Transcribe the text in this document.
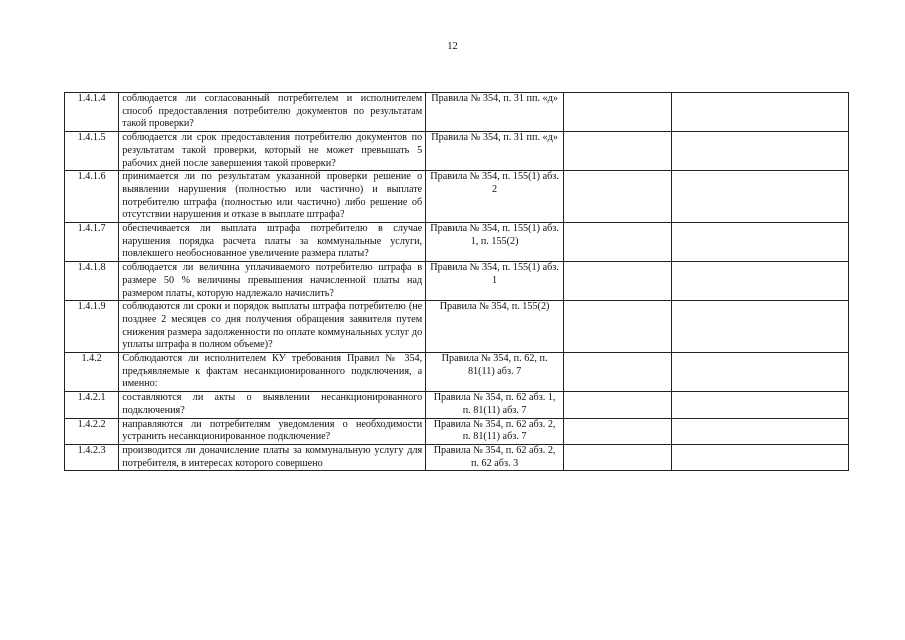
12
1.4.1.4	соблюдается ли согласованный потребителем и исполнителем способ предоставления потребителю документов по результатам такой проверки?	Правила № 354, п. 31 пп. «д»		
1.4.1.5	соблюдается ли срок предоставления потребителю документов по результатам такой проверки, который не может превышать 5 рабочих дней после завершения такой проверки?	Правила № 354, п. 31 пп. «д»		
1.4.1.6	принимается ли по результатам указанной проверки решение о выявлении нарушения (полностью или частично) и выплате потребителю штрафа (полностью или частично) либо решение об отсутствии нарушения и отказе в выплате штрафа?	Правила № 354, п. 155(1) абз. 2		
1.4.1.7	обеспечивается ли выплата штрафа потребителю в случае нарушения порядка расчета платы за коммунальные услуги, повлекшего необоснованное увеличение размера платы?	Правила № 354, п. 155(1) абз. 1, п. 155(2)		
1.4.1.8	соблюдается ли величина уплачиваемого потребителю штрафа в размере 50 % величины превышения начисленной платы над размером платы, которую надлежало начислить?	Правила № 354, п. 155(1) абз. 1		
1.4.1.9	соблюдаются ли сроки и порядок выплаты штрафа потребителю (не позднее 2 месяцев со дня получения обращения заявителя путем снижения размера задолженности по оплате коммунальных услуг до уплаты штрафа в полном объеме)?	Правила № 354, п. 155(2)		
1.4.2	Соблюдаются ли исполнителем КУ требования Правил № 354, предъявляемые к фактам несанкционированного подключения, а именно:	Правила № 354, п. 62, п. 81(11) абз. 7		
1.4.2.1	составляются ли акты о выявлении несанкционированного подключения?	Правила № 354, п. 62 абз. 1, п. 81(11) абз. 7		
1.4.2.2	направляются ли потребителям уведомления о необходимости устранить несанкционированное подключение?	Правила № 354, п. 62 абз. 2, п. 81(11) абз. 7		
1.4.2.3	производится ли доначисление платы за коммунальную услугу для потребителя, в интересах которого совершено	Правила № 354, п. 62 абз. 2, п. 62 абз. 3		
